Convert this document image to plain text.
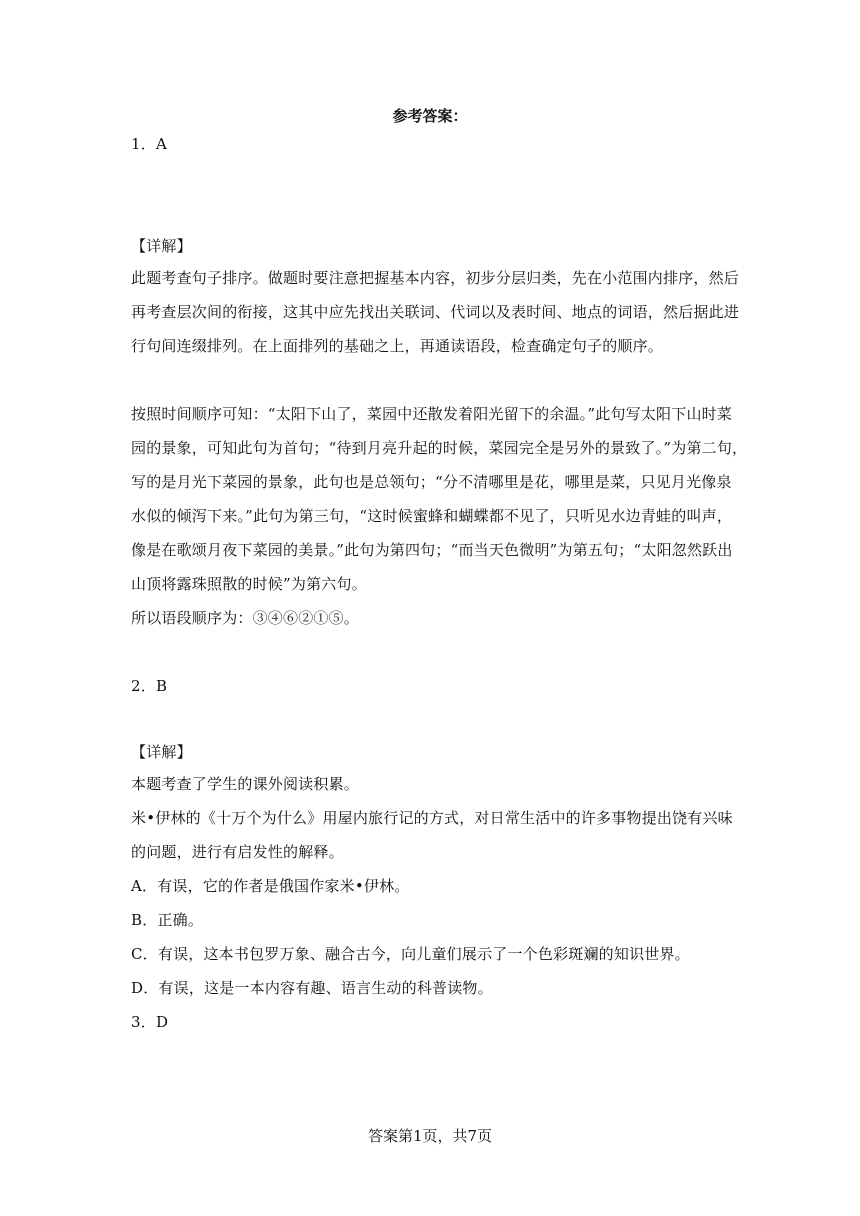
参考答案：
1．A
【详解】
此题考查句子排序。做题时要注意把握基本内容，初步分层归类，先在小范围内排序，然后
再考查层次间的衔接，这其中应先找出关联词、代词以及表时间、地点的词语，然后据此进
行句间连缀排列。在上面排列的基础之上，再通读语段，检查确定句子的顺序。
按照时间顺序可知：“太阳下山了，菜园中还散发着阳光留下的余温。”此句写太阳下山时菜
园的景象，可知此句为首句；“待到月亮升起的时候，菜园完全是另外的景致了。”为第二句，
写的是月光下菜园的景象，此句也是总领句；“分不清哪里是花，哪里是菜，只见月光像泉
水似的倾泻下来。”此句为第三句，“这时候蜜蜂和蝴蝶都不见了，只听见水边青蛙的叫声，
像是在歌颂月夜下菜园的美景。”此句为第四句；“而当天色微明”为第五句；“太阳忽然跃出
山顶将露珠照散的时候”为第六句。
所以语段顺序为：③④⑥②①⑤。
2．B
【详解】
本题考查了学生的课外阅读积累。
米•伊林的《十万个为什么》用屋内旅行记的方式，对日常生活中的许多事物提出饶有兴味
的问题，进行有启发性的解释。
A．有误，它的作者是俄国作家米•伊林。
B．正确。
C．有误，这本书包罗万象、融合古今，向儿童们展示了一个色彩斑斓的知识世界。
D．有误，这是一本内容有趣、语言生动的科普读物。
3．D
答案第1页，共7页
